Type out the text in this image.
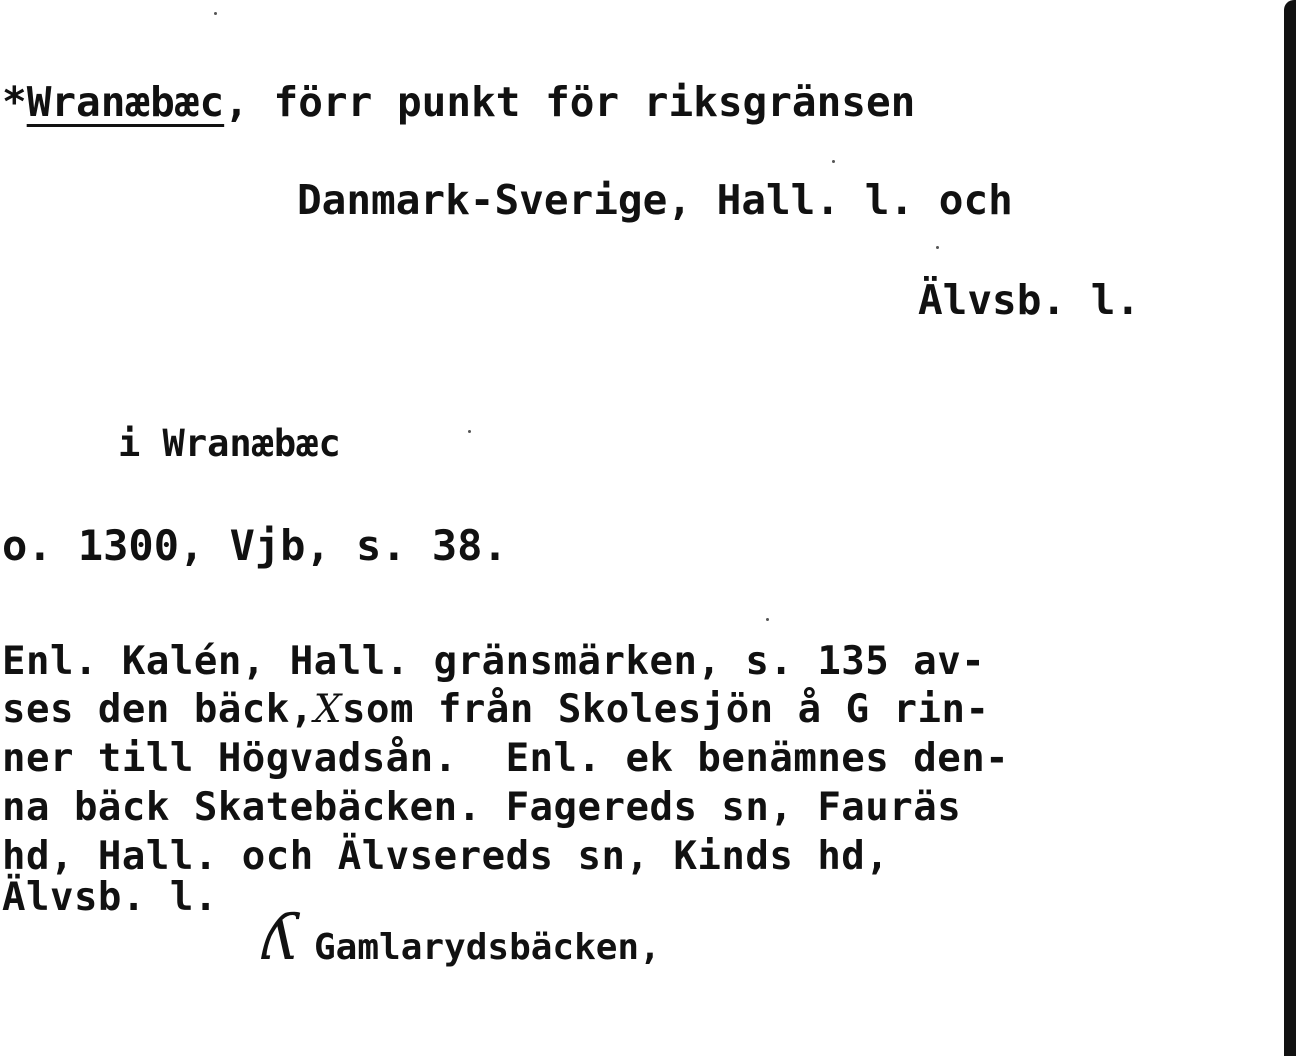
*Wranæbæc, förr punkt för riksgränsen
Danmark-Sverige, Hall. l. och
Älvsb. l.
i Wranæbæc
o. 1300, Vjb, s. 38.
Enl. Kalén, Hall. gränsmärken, s. 135 av-
ses den bäck,Xsom från Skolesjön å G rin-
ner till Högvadsån.  Enl. ek benämnes den-
na bäck Skatebäcken. Fagereds sn, Fauräs
hd, Hall. och Älvsereds sn, Kinds hd,
Älvsb. l.
ʎ Gamlarydsbäcken,
